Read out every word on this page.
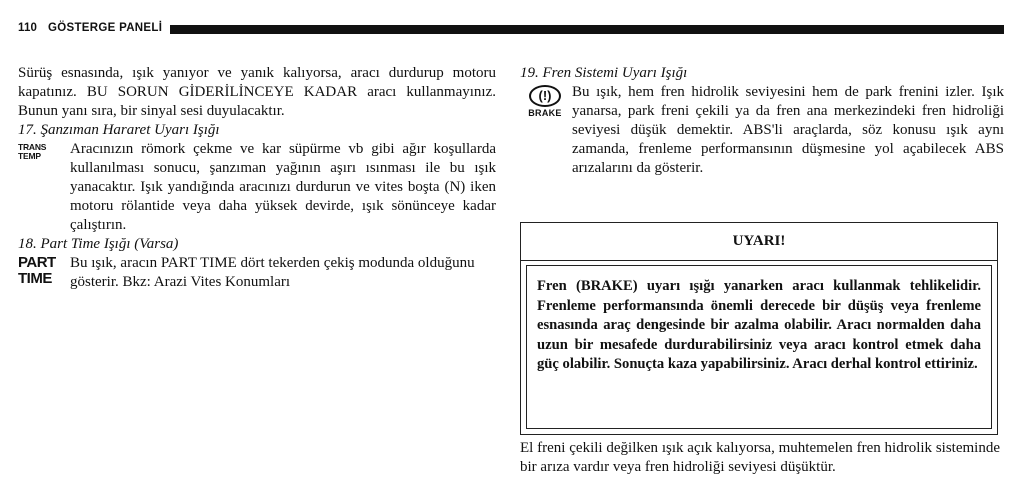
110 GÖSTERGE PANELİ

Sürüş esnasında, ışık yanıyor ve yanık kalıyorsa, aracı durdurup motoru kapatınız. BU SORUN GİDERİLİNCEYE KADAR aracı kullanmayınız. Bunun yanı sıra, bir sinyal sesi duyulacaktır.

17. Şanzıman Hararet Uyarı Işığı

TRANS
TEMP	Aracınızın römork çekme ve kar süpürme vb gibi ağır koşullarda kullanılması sonucu, şanzıman yağının aşırı ısınması ile bu ışık yanacaktır. Işık yandığında aracınızı durdurun ve vites boşta (N) iken motoru rölantide veya daha yüksek devirde, ışık sönünceye kadar çalıştırın.

18. Part Time Işığı (Varsa)

PART
TIME

Bu ışık, aracın PART TIME dört tekerden çekiş modunda olduğunu gösterir. Bkz: Arazi Vites Konumları

19. Fren Sistemi Uyarı Işığı

(!)
BRAKE

Bu ışık, hem fren hidrolik seviyesini hem de park frenini izler. Işık yanarsa, park freni çekili ya da fren ana merkezindeki fren hidroliği seviyesi düşük demektir. ABS'li araçlarda, söz konusu ışık aynı zamanda, frenleme performansının düşmesine yol açabilecek ABS arızalarını da gösterir.

UYARI!

Fren (BRAKE) uyarı ışığı yanarken aracı kullanmak tehlikelidir. Frenleme performansında önemli derecede bir düşüş veya frenleme esnasında araç dengesinde bir azalma olabilir. Aracı normalden daha uzun bir mesafede durdurabilirsiniz veya aracı kontrol etmek daha güç olabilir. Sonuçta kaza yapabilirsiniz. Aracı derhal kontrol ettiriniz.

El freni çekili değilken ışık açık kalıyorsa, muhtemelen fren hidrolik sisteminde bir arıza vardır veya fren hidroliği seviyesi düşüktür.
